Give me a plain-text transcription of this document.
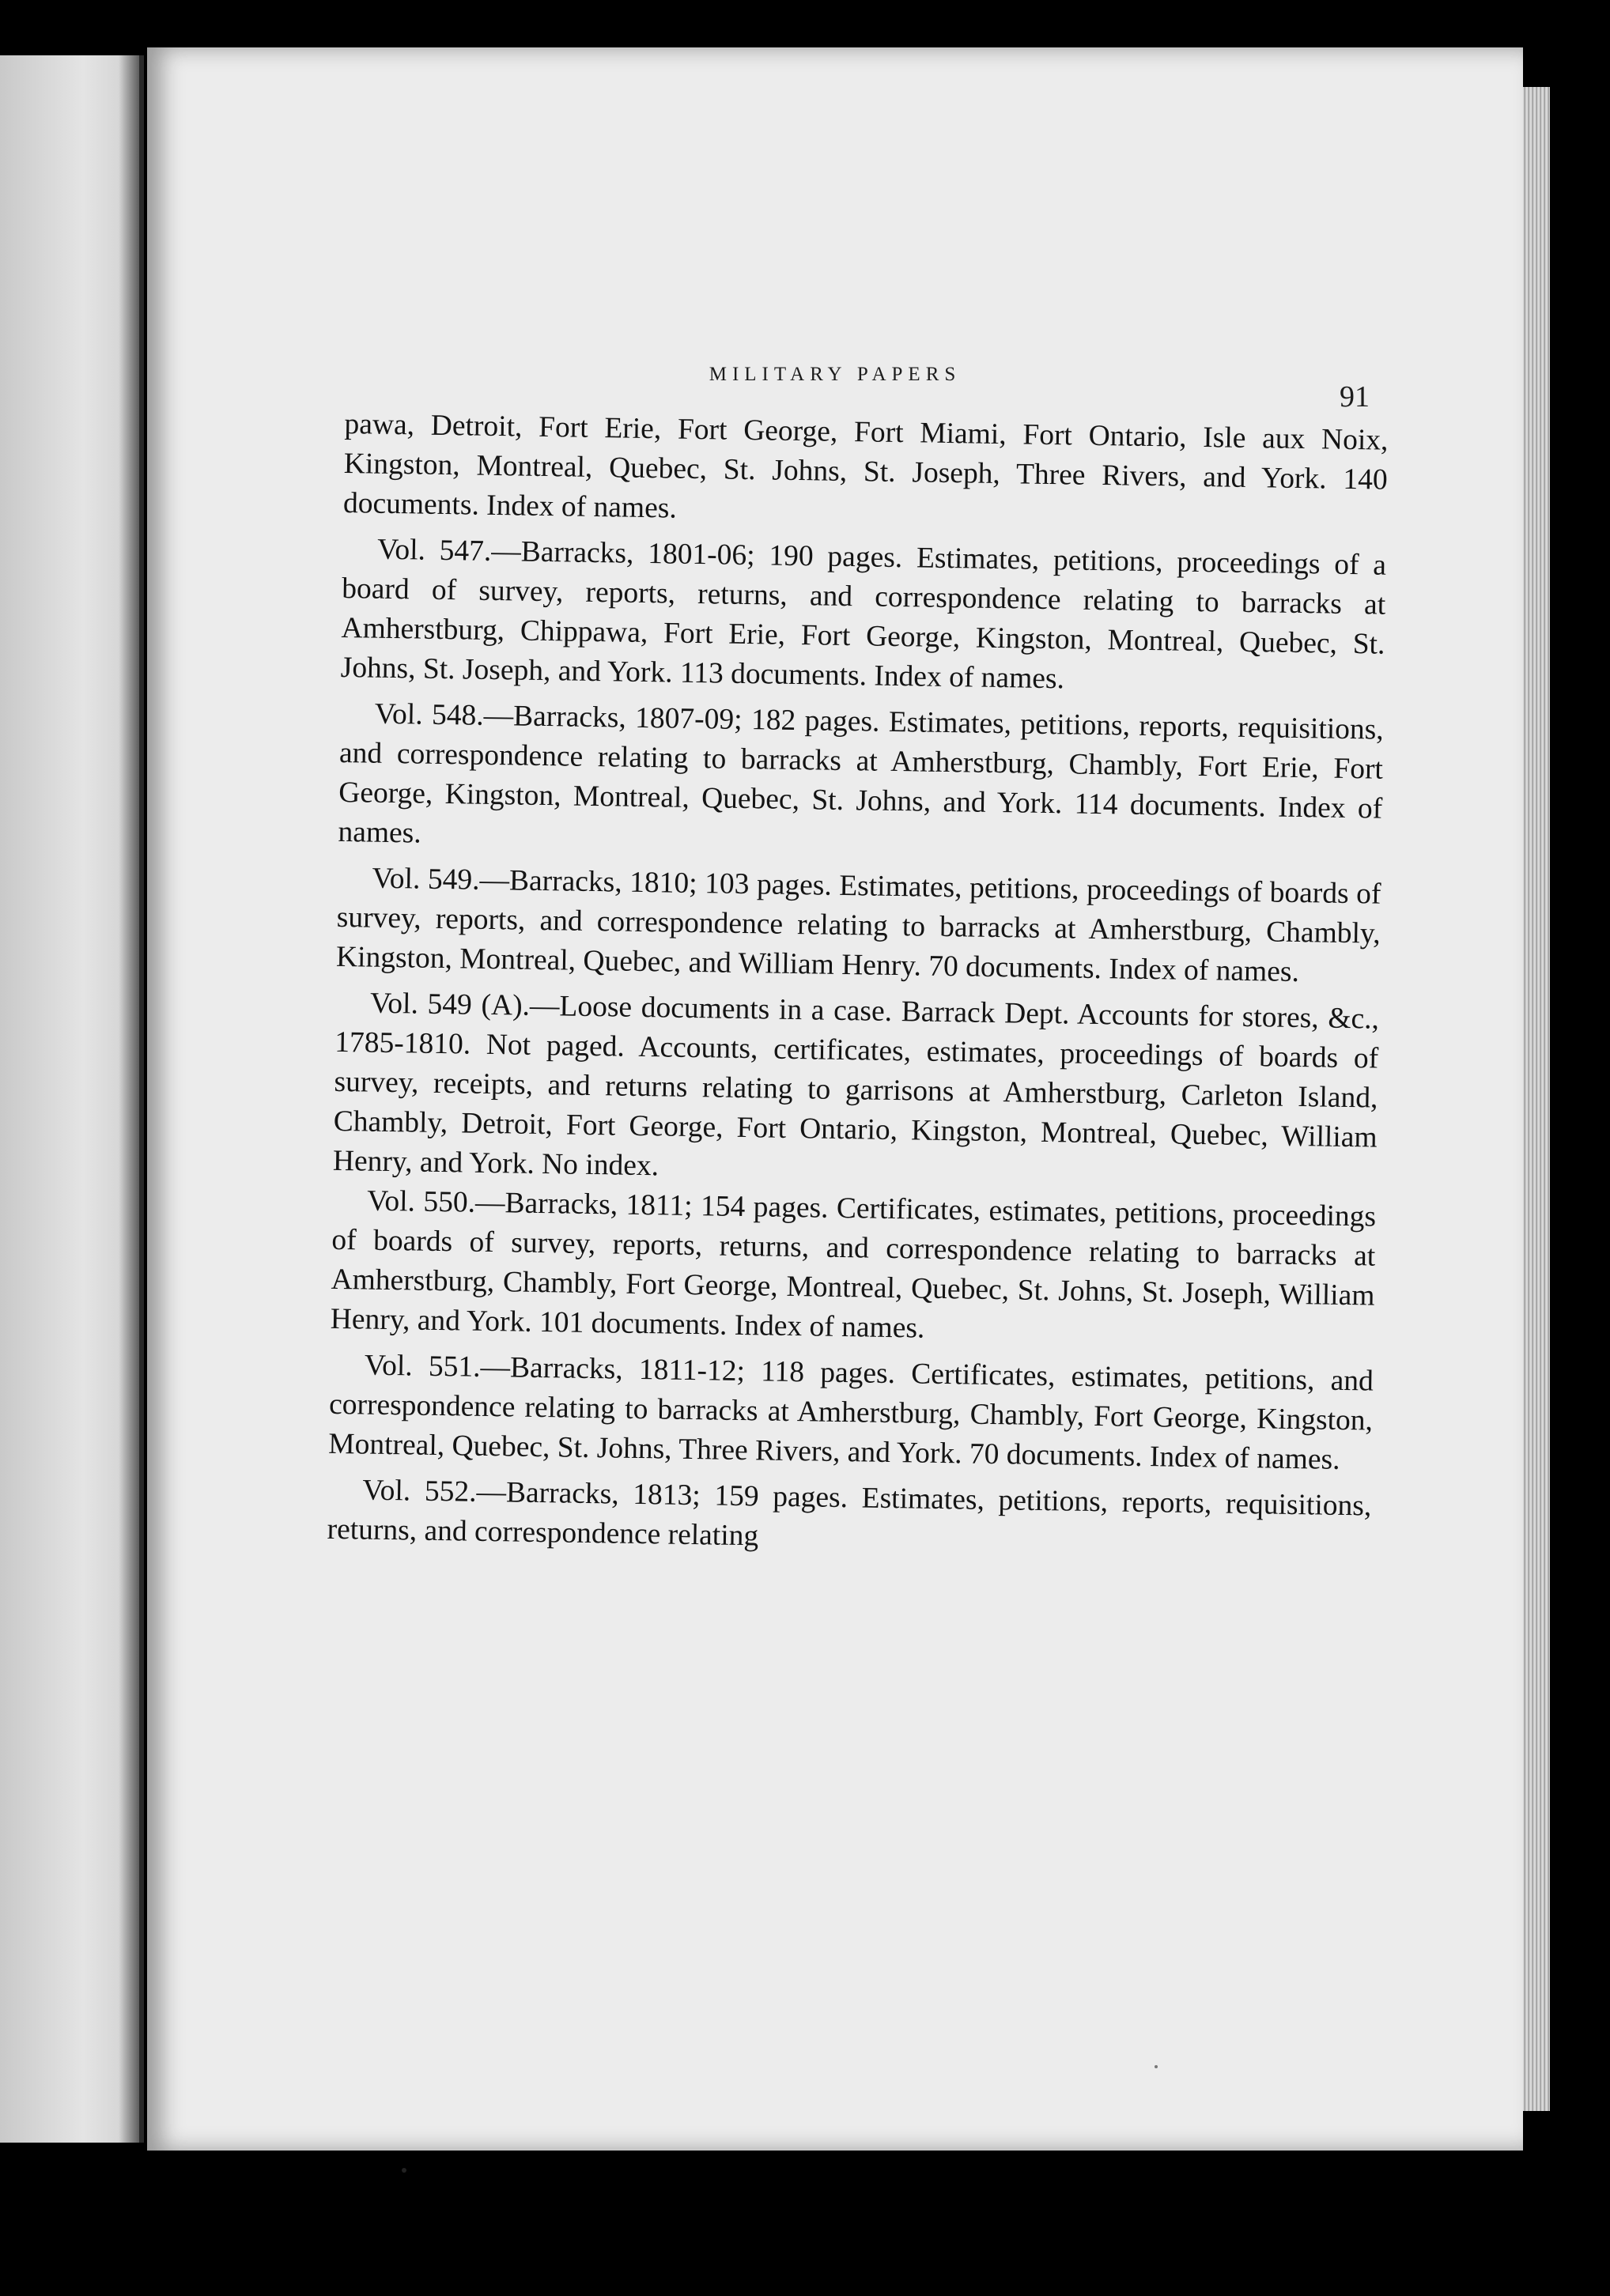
MILITARY PAPERS
91

pawa, Detroit, Fort Erie, Fort George, Fort Miami, Fort Ontario, Isle aux Noix, Kingston, Montreal, Quebec, St. Johns, St. Joseph, Three Rivers, and York. 140 documents. Index of names.

Vol. 547.—Barracks, 1801-06; 190 pages. Estimates, petitions, proceedings of a board of survey, reports, returns, and correspondence relating to barracks at Amherstburg, Chippawa, Fort Erie, Fort George, Kingston, Montreal, Quebec, St. Johns, St. Joseph, and York. 113 documents. Index of names.

Vol. 548.—Barracks, 1807-09; 182 pages. Estimates, petitions, reports, requisitions, and correspondence relating to barracks at Amherstburg, Chambly, Fort Erie, Fort George, Kingston, Montreal, Quebec, St. Johns, and York. 114 documents. Index of names.

Vol. 549.—Barracks, 1810; 103 pages. Estimates, petitions, proceedings of boards of survey, reports, and correspondence relating to barracks at Amherstburg, Chambly, Kingston, Montreal, Quebec, and William Henry. 70 documents. Index of names.

Vol. 549 (A).—Loose documents in a case. Barrack Dept. Accounts for stores, &c., 1785-1810. Not paged. Accounts, certificates, estimates, proceedings of boards of survey, receipts, and returns relating to garrisons at Amherstburg, Carleton Island, Chambly, Detroit, Fort George, Fort Ontario, Kingston, Montreal, Quebec, William Henry, and York. No index.

Vol. 550.—Barracks, 1811; 154 pages. Certificates, estimates, petitions, proceedings of boards of survey, reports, returns, and correspondence relating to barracks at Amherstburg, Chambly, Fort George, Montreal, Quebec, St. Johns, St. Joseph, William Henry, and York. 101 documents. Index of names.

Vol. 551.—Barracks, 1811-12; 118 pages. Certificates, estimates, petitions, and correspondence relating to barracks at Amherstburg, Chambly, Fort George, Kingston, Montreal, Quebec, St. Johns, Three Rivers, and York. 70 documents. Index of names.

Vol. 552.—Barracks, 1813; 159 pages. Estimates, petitions, reports, requisitions, returns, and correspondence relating
